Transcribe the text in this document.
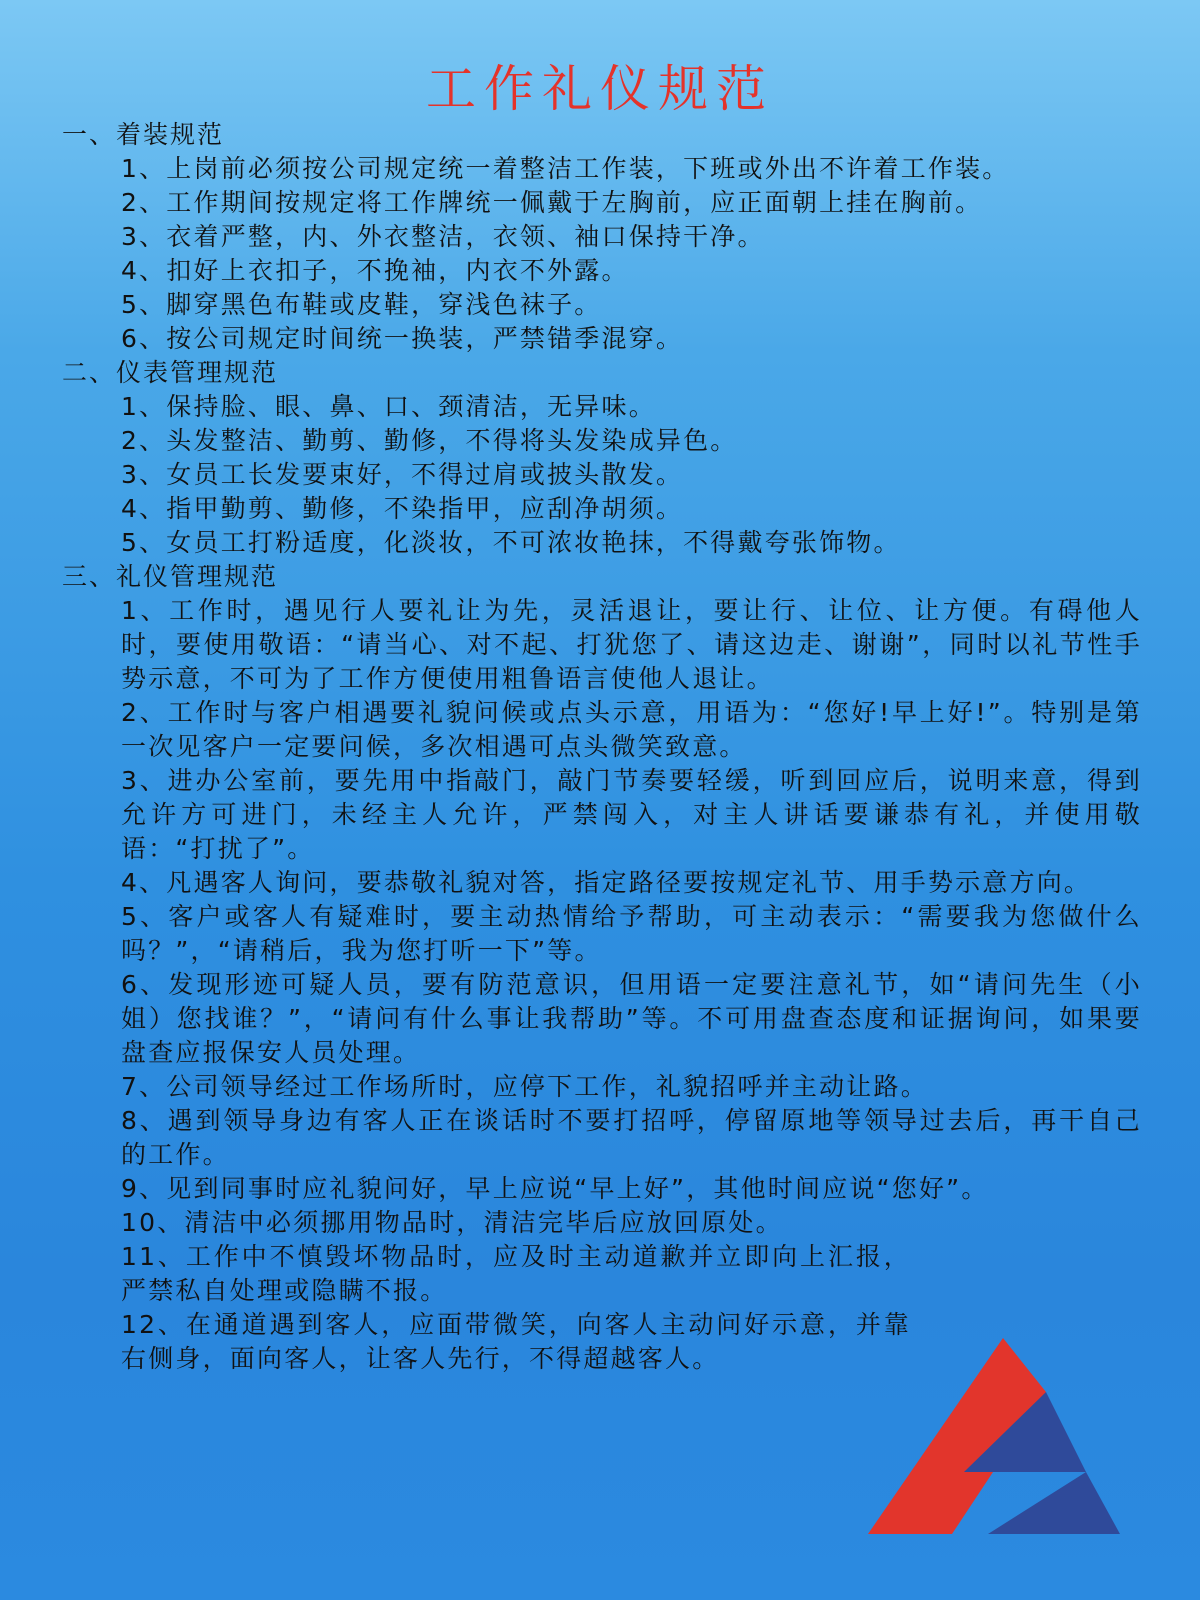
工作礼仪规范
一、着装规范
1、上岗前必须按公司规定统一着整洁工作装，下班或外出不许着工作装。
2、工作期间按规定将工作牌统一佩戴于左胸前，应正面朝上挂在胸前。
3、衣着严整，内、外衣整洁，衣领、袖口保持干净。
4、扣好上衣扣子，不挽袖，内衣不外露。
5、脚穿黑色布鞋或皮鞋，穿浅色袜子。
6、按公司规定时间统一换装，严禁错季混穿。
二、仪表管理规范
1、保持脸、眼、鼻、口、颈清洁，无异味。
2、头发整洁、勤剪、勤修，不得将头发染成异色。
3、女员工长发要束好，不得过肩或披头散发。
4、指甲勤剪、勤修，不染指甲，应刮净胡须。
5、女员工打粉适度，化淡妆，不可浓妆艳抹，不得戴夸张饰物。
三、礼仪管理规范
1、工作时，遇见行人要礼让为先，灵活退让，要让行、让位、让方便。有碍他人时，要使用敬语：“请当心、对不起、打犹您了、请这边走、谢谢”，同时以礼节性手势示意，不可为了工作方便使用粗鲁语言使他人退让。
2、工作时与客户相遇要礼貌问候或点头示意，用语为：“您好!早上好!”。特别是第一次见客户一定要问候，多次相遇可点头微笑致意。
3、进办公室前，要先用中指敲门，敲门节奏要轻缓，听到回应后，说明来意，得到允许方可进门，未经主人允许，严禁闯入，对主人讲话要谦恭有礼，并使用敬语：“打扰了”。
4、凡遇客人询问，要恭敬礼貌对答，指定路径要按规定礼节、用手势示意方向。
5、客户或客人有疑难时，要主动热情给予帮助，可主动表示：“需要我为您做什么吗？”，“请稍后，我为您打听一下”等。
6、发现形迹可疑人员，要有防范意识，但用语一定要注意礼节，如“请问先生（小姐）您找谁？”，“请问有什么事让我帮助”等。不可用盘查态度和证据询问，如果要盘查应报保安人员处理。
7、公司领导经过工作场所时，应停下工作，礼貌招呼并主动让路。
8、遇到领导身边有客人正在谈话时不要打招呼，停留原地等领导过去后，再干自己的工作。
9、见到同事时应礼貌问好，早上应说“早上好”，其他时间应说“您好”。
10、清洁中必须挪用物品时，清洁完毕后应放回原处。
11、工作中不慎毁坏物品时，应及时主动道歉并立即向上汇报，严禁私自处理或隐瞒不报。
12、在通道遇到客人，应面带微笑，向客人主动问好示意，并靠右侧身，面向客人，让客人先行，不得超越客人。
